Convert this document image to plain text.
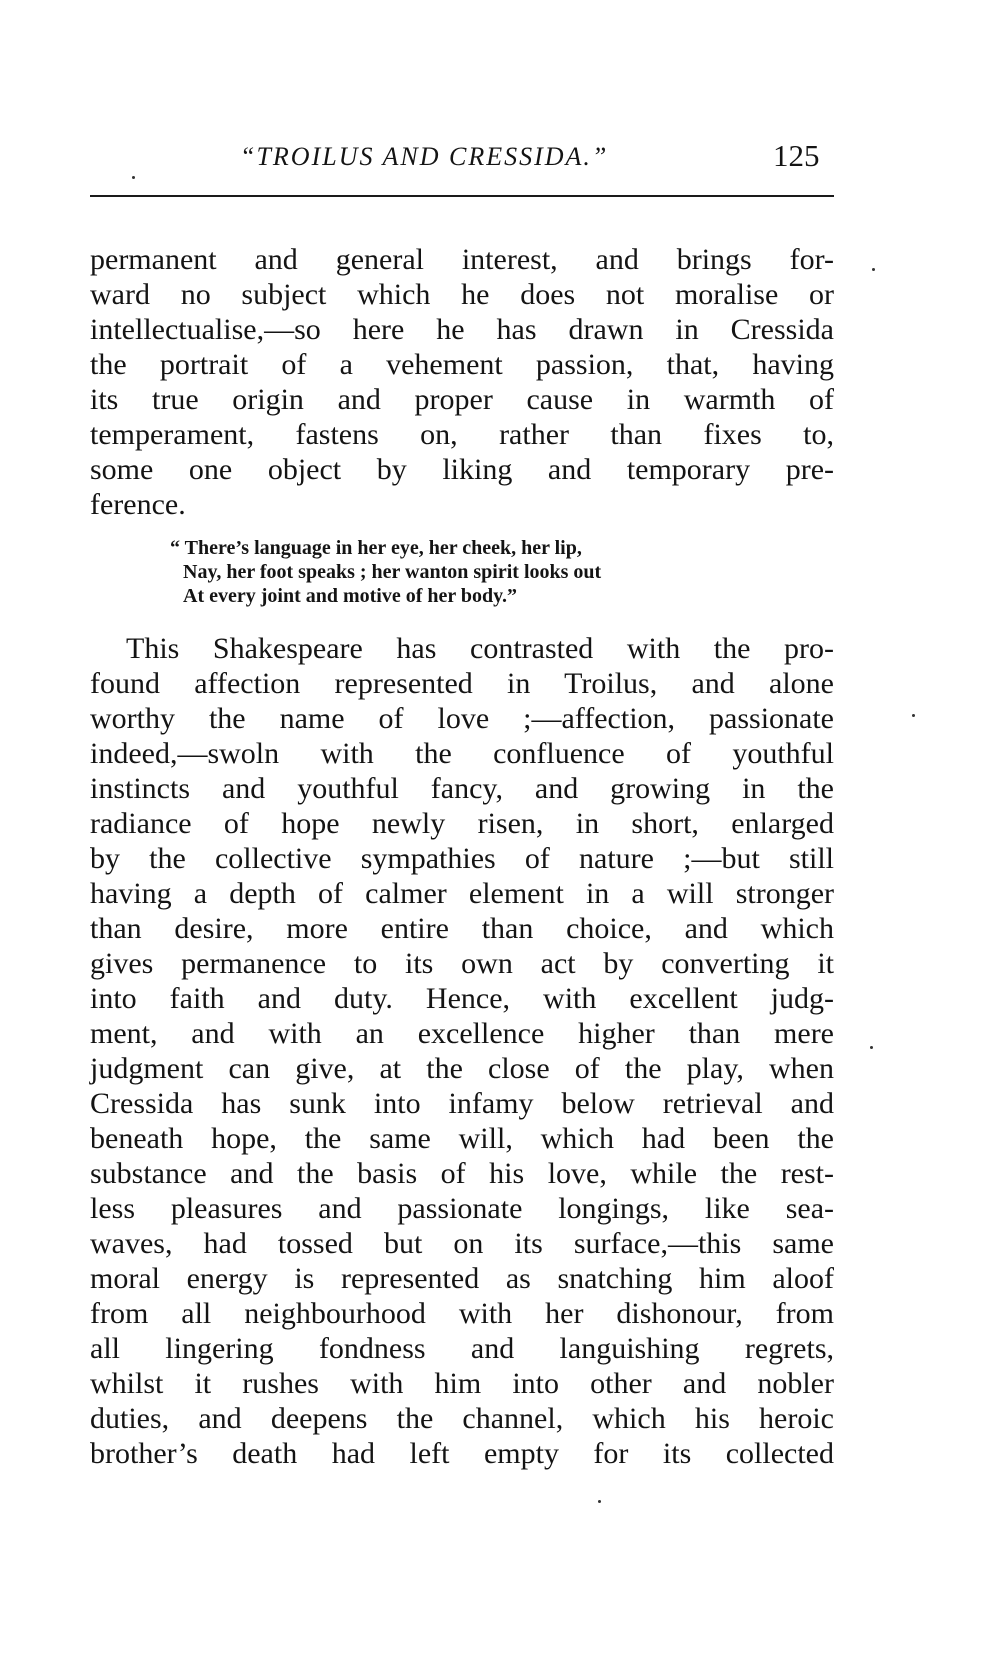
“TROILUS AND CRESSIDA.”	125
permanent and general interest, and brings for-
ward no subject which he does not moralise or
intellectualise,—so here he has drawn in Cressida
the portrait of a vehement passion, that, having
its true origin and proper cause in warmth of
temperament, fastens on, rather than fixes to,
some one object by liking and temporary pre-
ference.
“ There’s language in her eye, her cheek, her lip,
Nay, her foot speaks ; her wanton spirit looks out
At every joint and motive of her body.”
This Shakespeare has contrasted with the pro-
found affection represented in Troilus, and alone
worthy the name of love ;—affection, passionate
indeed,—swoln with the confluence of youthful
instincts and youthful fancy, and growing in the
radiance of hope newly risen, in short, enlarged
by the collective sympathies of nature ;—but still
having a depth of calmer element in a will stronger
than desire, more entire than choice, and which
gives permanence to its own act by converting it
into faith and duty. Hence, with excellent judg-
ment, and with an excellence higher than mere
judgment can give, at the close of the play, when
Cressida has sunk into infamy below retrieval and
beneath hope, the same will, which had been the
substance and the basis of his love, while the rest-
less pleasures and passionate longings, like sea-
waves, had tossed but on its surface,—this same
moral energy is represented as snatching him aloof
from all neighbourhood with her dishonour, from
all lingering fondness and languishing regrets,
whilst it rushes with him into other and nobler
duties, and deepens the channel, which his heroic
brother’s death had left empty for its collected
